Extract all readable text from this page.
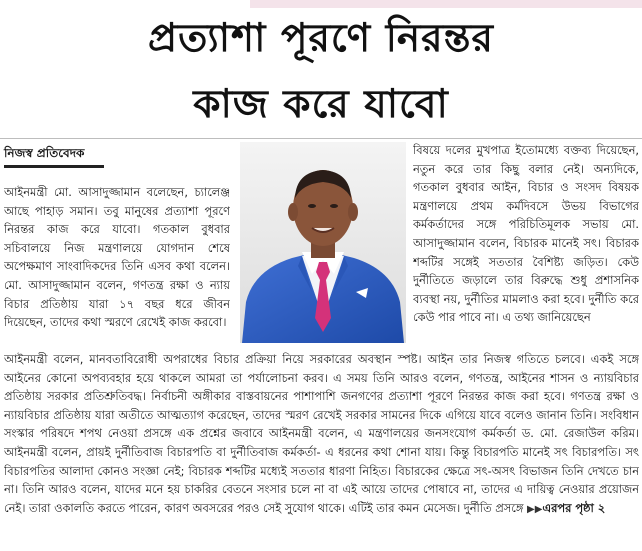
প্রত্যাশা পূরণে নিরন্তর
কাজ করে যাবো
নিজস্ব প্রতিবেদক

আইনমন্ত্রী মো. আসাদুজ্জামান বলেছেন, চ্যালেঞ্জ আছে পাহাড় সমান। তবু মানুষের প্রত্যাশা পূরণে নিরন্তর কাজ করে যাবো। গতকাল বুধবার সচিবালয়ে নিজ মন্ত্রণালয়ে যোগদান শেষে অপেক্ষমাণ সাংবাদিকদের তিনি এসব কথা বলেন। মো. আসাদুজ্জামান বলেন, গণতন্ত্র রক্ষা ও ন্যায় বিচার প্রতিষ্ঠায় যারা ১৭ বছর ধরে জীবন দিয়েছেন, তাদের কথা স্মরণে রেখেই কাজ করবো।

বিষয়ে দলের মুখপাত্র ইতোমধ্যে বক্তব্য দিয়েছেন, নতুন করে তার কিছু বলার নেই। অন্যদিকে, গতকাল বুধবার আইন, বিচার ও সংসদ বিষয়ক মন্ত্রণালয়ে প্রথম কর্মদিবসে উভয় বিভাগের কর্মকর্তাদের সঙ্গে পরিচিতিমূলক সভায় মো. আসাদুজ্জামান বলেন, বিচারক মানেই সৎ। বিচারক শব্দটির সঙ্গেই সততার বৈশিষ্ট্য জড়িত। কেউ দুর্নীতিতে জড়ালে তার বিরুদ্ধে শুধু প্রশাসনিক ব্যবস্থা নয়, দুর্নীতির মামলাও করা হবে। দুর্নীতি করে কেউ পার পাবে না। এ তথ্য জানিয়েছেন

আইনমন্ত্রী বলেন, মানবতাবিরোধী অপরাধের বিচার প্রক্রিয়া নিয়ে সরকারের অবস্থান স্পষ্ট। আইন তার নিজস্ব গতিতে চলবে। একই সঙ্গে আইনের কোনো অপব্যবহার হয়ে থাকলে আমরা তা পর্যালোচনা করব। এ সময় তিনি আরও বলেন, গণতন্ত্র, আইনের শাসন ও ন্যায়বিচার প্রতিষ্ঠায় সরকার প্রতিশ্রুতিবদ্ধ। নির্বাচনী অঙ্গীকার বাস্তবায়নের পাশাপাশি জনগণের প্রত্যাশা পূরণে নিরন্তর কাজ করা হবে। গণতন্ত্র রক্ষা ও ন্যায়বিচার প্রতিষ্ঠায় যারা অতীতে আত্মত্যাগ করেছেন, তাদের স্মরণ রেখেই সরকার সামনের দিকে এগিয়ে যাবে বলেও জানান তিনি। সংবিধান সংস্কার পরিষদে শপথ নেওয়া প্রসঙ্গে এক প্রশ্নের জবাবে আইনমন্ত্রী বলেন, এ মন্ত্রণালয়ের জনসংযোগ কর্মকর্তা ড. মো. রেজাউল করিম। আইনমন্ত্রী বলেন, প্রায়ই দুর্নীতিবাজ বিচারপতি বা দুর্নীতিবাজ কর্মকর্তা- এ ধরনের কথা শোনা যায়। কিন্তু বিচারপতি মানেই সৎ বিচারপতি। সৎ বিচারপতির আলাদা কোনও সংজ্ঞা নেই; বিচারক শব্দটির মধ্যেই সততার ধারণা নিহিত। বিচারকের ক্ষেত্রে সৎ-অসৎ বিভাজন তিনি দেখতে চান না। তিনি আরও বলেন, যাদের মনে হয় চাকরির বেতনে সংসার চলে না বা এই আয়ে তাদের পোষাবে না, তাদের এ দায়িত্ব নেওয়ার প্রয়োজন নেই। তারা ওকালতি করতে পারেন, কারণ অবসরের পরও সেই সুযোগ থাকে। এটিই তার কমন মেসেজ। দুর্নীতি প্রসঙ্গে ▶▶এরপর পৃষ্ঠা ২
